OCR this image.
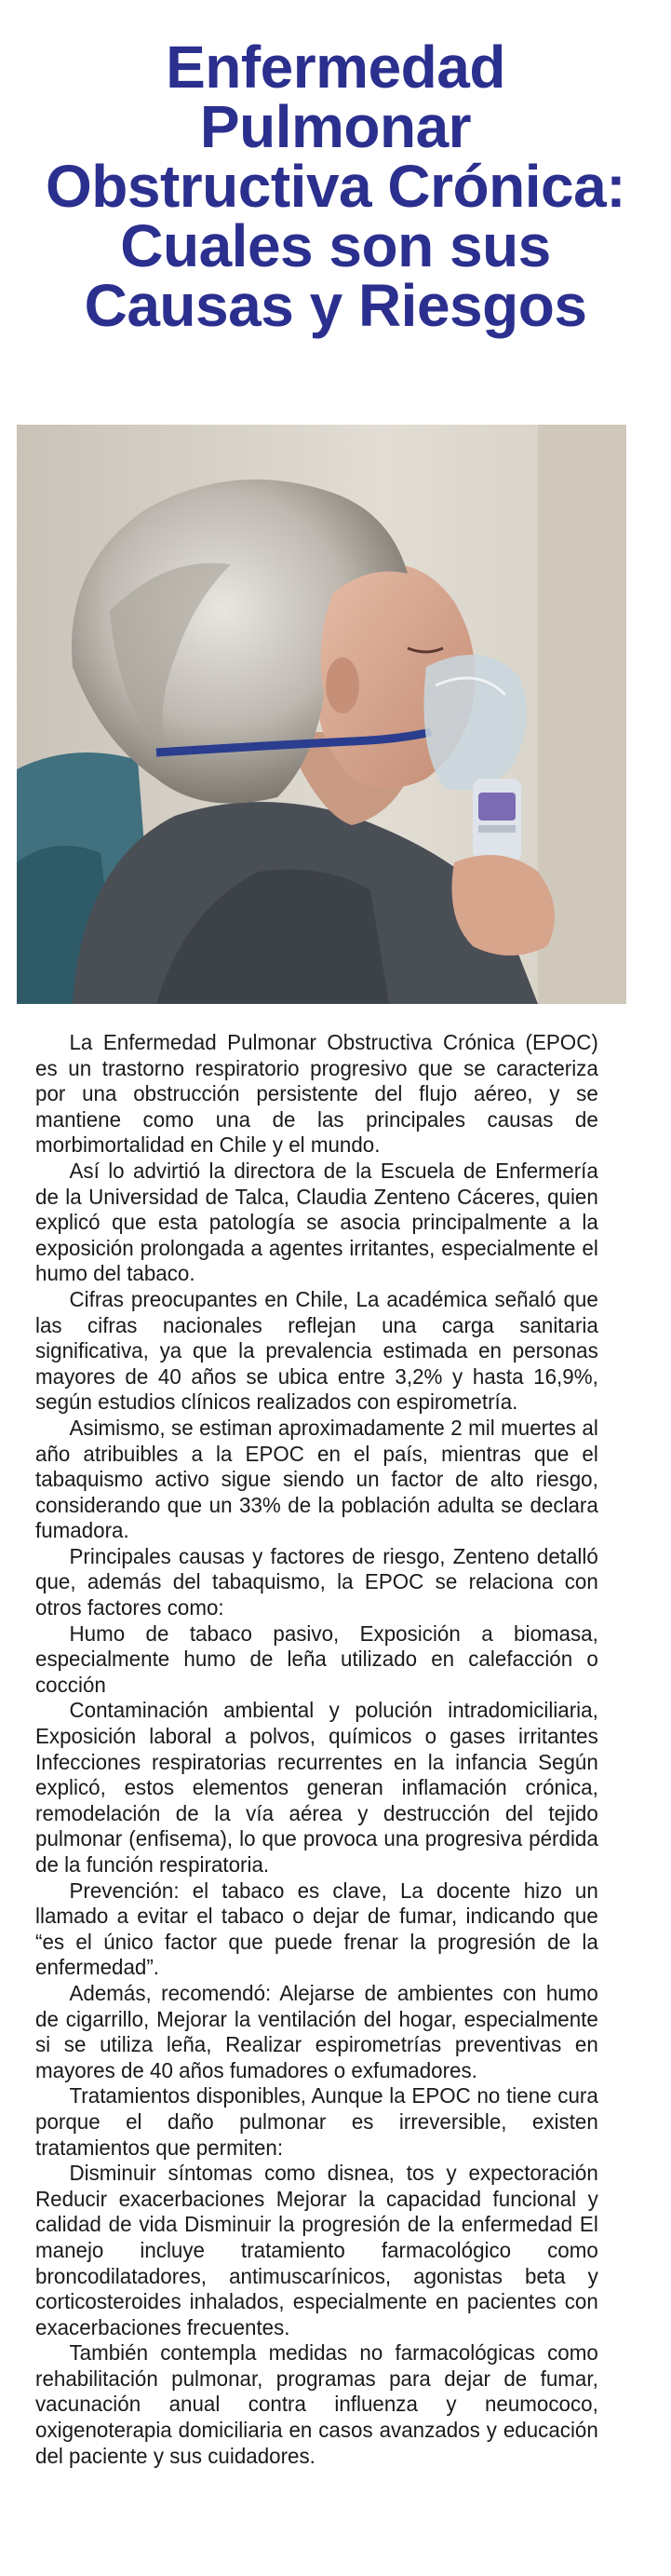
Enfermedad
Pulmonar
Obstructiva Crónica:
Cuales son sus
Causas y Riesgos

La Enfermedad Pulmonar Obstructiva Crónica (EPOC) es un trastorno respiratorio progresivo que se caracteriza por una obstrucción persistente del flujo aéreo, y se mantiene como una de las principales causas de morbimortalidad en Chile y el mundo.

Así lo advirtió la directora de la Escuela de Enfermería de la Universidad de Talca, Claudia Zenteno Cáceres, quien explicó que esta patología se asocia principalmente a la exposición prolongada a agentes irritantes, especialmente el humo del tabaco.

Cifras preocupantes en Chile, La académica señaló que las cifras nacionales reflejan una carga sanitaria significativa, ya que la prevalencia estimada en personas mayores de 40 años se ubica entre 3,2% y hasta 16,9%, según estudios clínicos realizados con espirometría.

Asimismo, se estiman aproximadamente 2 mil muertes al año atribuibles a la EPOC en el país, mientras que el tabaquismo activo sigue siendo un factor de alto riesgo, considerando que un 33% de la población adulta se declara fumadora.

Principales causas y factores de riesgo, Zenteno detalló que, además del tabaquismo, la EPOC se relaciona con otros factores como:

Humo de tabaco pasivo, Exposición a biomasa, especialmente humo de leña utilizado en calefacción o cocción

Contaminación ambiental y polución intradomiciliaria, Exposición laboral a polvos, químicos o gases irritantes Infecciones respiratorias recurrentes en la infancia Según explicó, estos elementos generan inflamación crónica, remodelación de la vía aérea y destrucción del tejido pulmonar (enfisema), lo que provoca una progresiva pérdida de la función respiratoria.

Prevención: el tabaco es clave, La docente hizo un llamado a evitar el tabaco o dejar de fumar, indicando que “es el único factor que puede frenar la progresión de la enfermedad”.

Además, recomendó: Alejarse de ambientes con humo de cigarrillo, Mejorar la ventilación del hogar, especialmente si se utiliza leña, Realizar espirometrías preventivas en mayores de 40 años fumadores o exfumadores.

Tratamientos disponibles, Aunque la EPOC no tiene cura porque el daño pulmonar es irreversible, existen tratamientos que permiten:

Disminuir síntomas como disnea, tos y expectoración Reducir exacerbaciones Mejorar la capacidad funcional y calidad de vida Disminuir la progresión de la enfermedad El manejo incluye tratamiento farmacológico como broncodilatadores, antimuscarínicos, agonistas beta y corticosteroides inhalados, especialmente en pacientes con exacerbaciones frecuentes.

También contempla medidas no farmacológicas como rehabilitación pulmonar, programas para dejar de fumar, vacunación anual contra influenza y neumococo, oxigenoterapia domiciliaria en casos avanzados y educación del paciente y sus cuidadores.
